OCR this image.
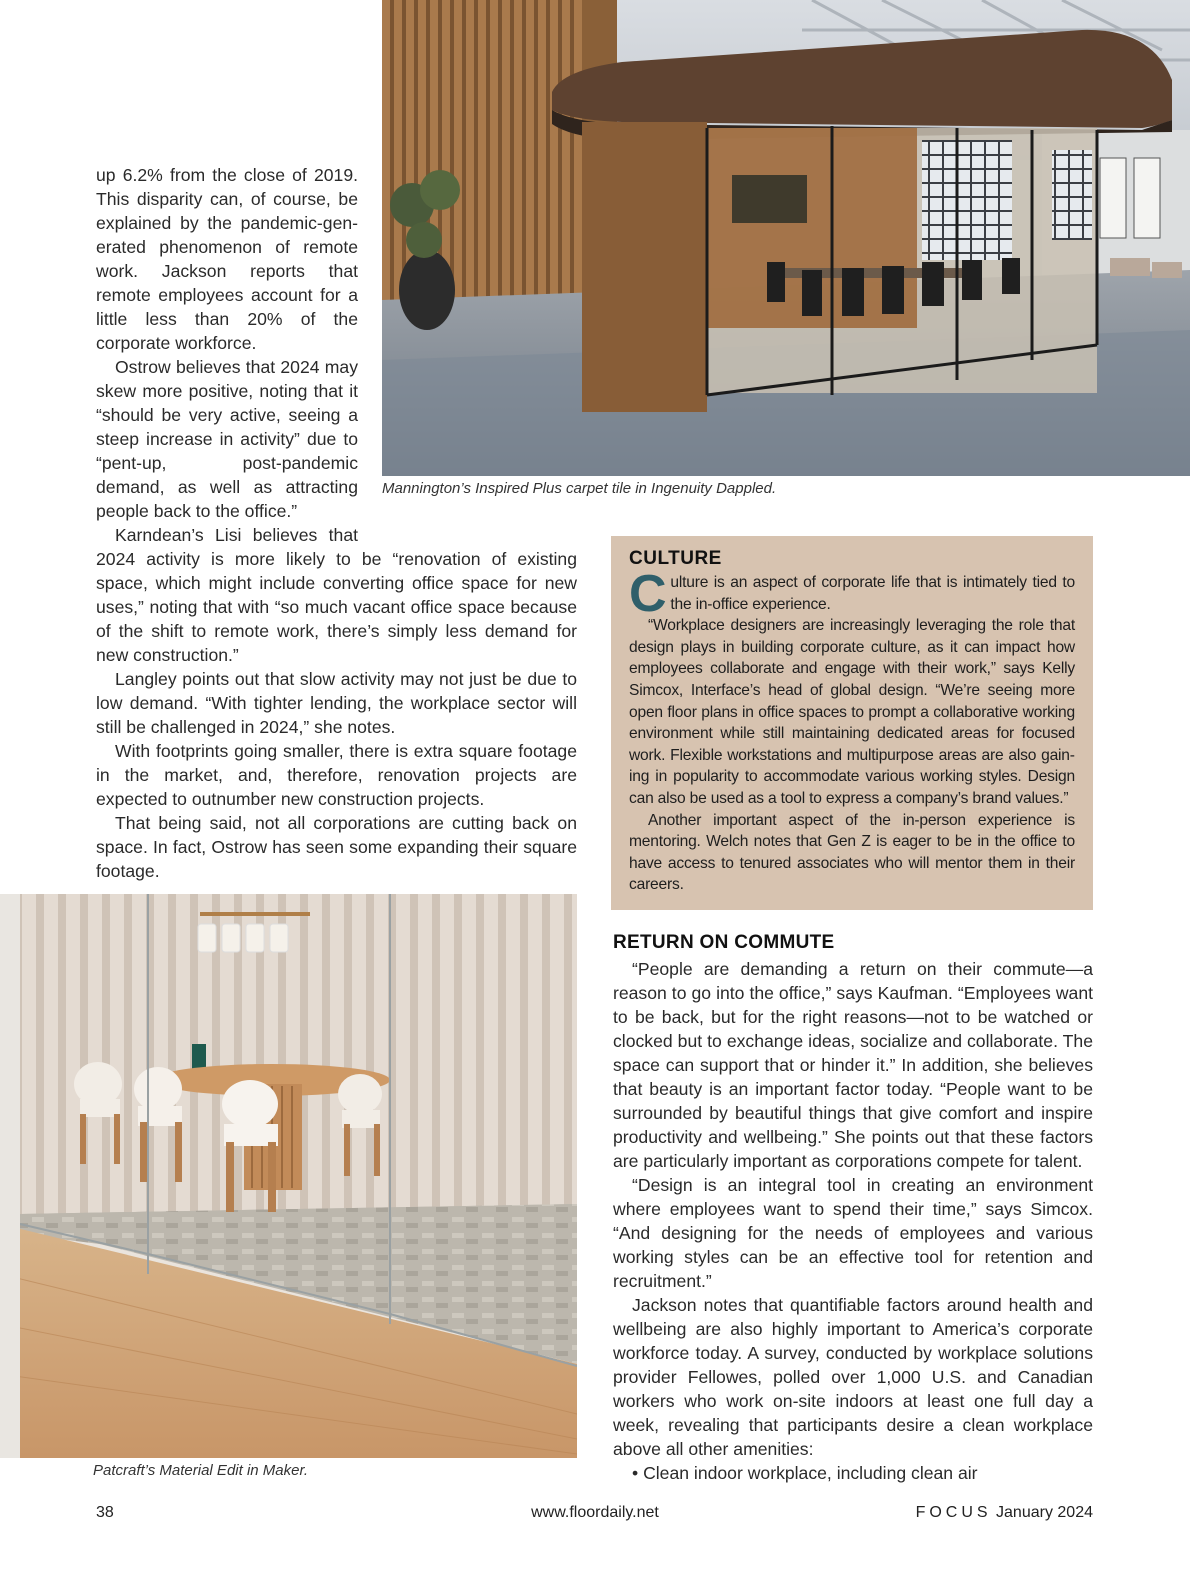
up 6.2% from the close of 2019. This disparity can, of course, be explained by the pandemic-generated phenomenon of remote work. Jackson reports that remote employees account for a little less than 20% of the corporate workforce.

Ostrow believes that 2024 may skew more positive, noting that it “should be very active, seeing a steep increase in activity” due to “pent-up, post-pandemic demand, as well as attracting people back to the office.”

Karndean’s Lisi believes that

2024 activity is more likely to be “renovation of existing space, which might include converting office space for new uses,” noting that with “so much vacant office space because of the shift to remote work, there’s simply less demand for new construction.”

Langley points out that slow activity may not just be due to low demand. “With tighter lending, the workplace sector will still be challenged in 2024,” she notes.

With footprints going smaller, there is extra square footage in the market, and, therefore, renovation projects are expected to outnumber new construction projects.

That being said, not all corporations are cutting back on space. In fact, Ostrow has seen some expanding their square footage.

Mannington’s Inspired Plus carpet tile in Ingenuity Dappled.
CULTURE

Culture is an aspect of corporate life that is intimately tied to the in-office experience.

“Workplace designers are increasingly leveraging the role that design plays in building corporate culture, as it can impact how employees collaborate and engage with their work,” says Kelly Simcox, Interface’s head of global design. “We’re seeing more open floor plans in office spaces to prompt a collaborative working environment while still maintaining dedicated areas for focused work. Flexible workstations and multipurpose areas are also gaining in popularity to accommodate various working styles. Design can also be used as a tool to express a company’s brand values.”

Another important aspect of the in-person experience is mentoring. Welch notes that Gen Z is eager to be in the office to have access to tenured associates who will mentor them in their careers.

RETURN ON COMMUTE

“People are demanding a return on their commute—a reason to go into the office,” says Kaufman. “Employees want to be back, but for the right reasons—not to be watched or clocked but to exchange ideas, socialize and collaborate. The space can support that or hinder it.” In addition, she believes that beauty is an important factor today. “People want to be surrounded by beautiful things that give comfort and inspire productivity and wellbeing.” She points out that these factors are particularly important as corporations compete for talent.

“Design is an integral tool in creating an environment where employees want to spend their time,” says Simcox. “And designing for the needs of employees and various working styles can be an effective tool for retention and recruitment.”

Jackson notes that quantifiable factors around health and wellbeing are also highly important to America’s corporate workforce today. A survey, conducted by workplace solutions provider Fellowes, polled over 1,000 U.S. and Canadian workers who work on-site indoors at least one full day a week, revealing that participants desire a clean workplace above all other amenities:

• Clean indoor workplace, including clean air

Patcraft’s Material Edit in Maker.
38	www.floordaily.net	FOCUS January 2024
